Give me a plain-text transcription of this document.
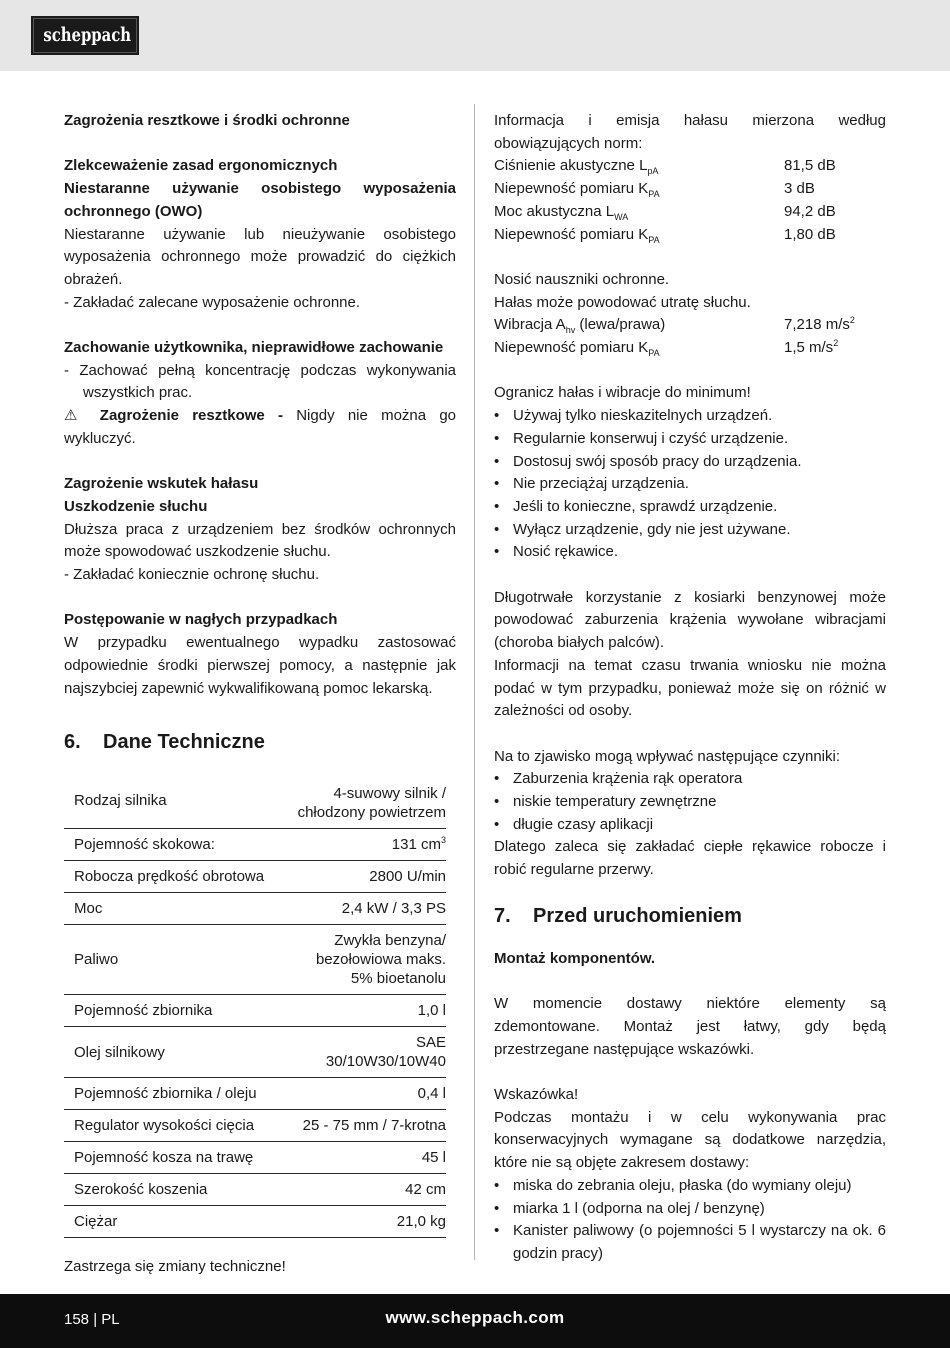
scheppach

Zagrożenia resztkowe i środki ochronne

Zlekceważenie zasad ergonomicznych

Niestaranne używanie osobistego wyposażenia ochronnego (OWO)

Niestaranne używanie lub nieużywanie osobistego wyposażenia ochronnego może prowadzić do ciężkich obrażeń.

- Zakładać zalecane wyposażenie ochronne.

Zachowanie użytkownika, nieprawidłowe zachowanie

- Zachować pełną koncentrację podczas wykonywania wszystkich prac.

⚠ Zagrożenie resztkowe - Nigdy nie można go wykluczyć.

Zagrożenie wskutek hałasu

Uszkodzenie słuchu

Dłuższa praca z urządzeniem bez środków ochronnych może spowodować uszkodzenie słuchu.

- Zakładać koniecznie ochronę słuchu.

Postępowanie w nagłych przypadkach

W przypadku ewentualnego wypadku zastosować odpowiednie środki pierwszej pomocy, a następnie jak najszybciej zapewnić wykwalifikowaną pomoc lekarską.

6. Dane Techniczne
Rodzaj silnika	4-suwowy silnik / chłodzony powietrzem
Pojemność skokowa:	131 $cm^3$
Robocza prędkość obrotowa	2800 U/min
Moc	2,4 kW / 3,3 PS
Paliwo	Zwykła benzyna/ bezołowiowa maks. 5% bioetanolu
Pojemność zbiornika	1,0 l
Olej silnikowy	SAE 30/10W30/10W40
Pojemność zbiornika / oleju	0,4 l
Regulator wysokości cięcia	25 - 75 mm / 7-krotna
Pojemność kosza na trawę	45 l
Szerokość koszenia	42 cm
Ciężar	21,0 kg

Zastrzega się zmiany techniczne!

Informacja i emisja hałasu mierzona według obowiązujących norm:

Ciśnienie akustyczne $L_{pA}$	81,5 dB
Niepewność pomiaru $K_{PA}$	3 dB
Moc akustyczna $L_{WA}$	94,2 dB
Niepewność pomiaru $K_{PA}$	1,80 dB

Nosić nauszniki ochronne.

Hałas może powodować utratę słuchu.

Wibracja $A_{hv}$ (lewa/prawa)	7,218 $m/s^2$
Niepewność pomiaru $K_{PA}$	1,5 $m/s^2$

Ogranicz hałas i wibracje do minimum!

• Używaj tylko nieskazitelnych urządzeń.

• Regularnie konserwuj i czyść urządzenie.

• Dostosuj swój sposób pracy do urządzenia.

• Nie przeciążaj urządzenia.

• Jeśli to konieczne, sprawdź urządzenie.

• Wyłącz urządzenie, gdy nie jest używane.

• Nosić rękawice.

Długotrwałe korzystanie z kosiarki benzynowej może powodować zaburzenia krążenia wywołane wibracjami (choroba białych palców).

Informacji na temat czasu trwania wniosku nie można podać w tym przypadku, ponieważ może się on różnić w zależności od osoby.

Na to zjawisko mogą wpływać następujące czynniki:

• Zaburzenia krążenia rąk operatora

• niskie temperatury zewnętrzne

• długie czasy aplikacji

Dlatego zaleca się zakładać ciepłe rękawice robocze i robić regularne przerwy.

7. Przed uruchomieniem

Montaż komponentów.

W momencie dostawy niektóre elementy są zdemontowane. Montaż jest łatwy, gdy będą przestrzegane następujące wskazówki.

Wskazówka!

Podczas montażu i w celu wykonywania prac konserwacyjnych wymagane są dodatkowe narzędzia, które nie są objęte zakresem dostawy:

• miska do zebrania oleju, płaska (do wymiany oleju)

• miarka 1 l (odporna na olej / benzynę)

• Kanister paliwowy (o pojemności 5 l wystarczy na ok. 6 godzin pracy)

158 | PL	www.scheppach.com
